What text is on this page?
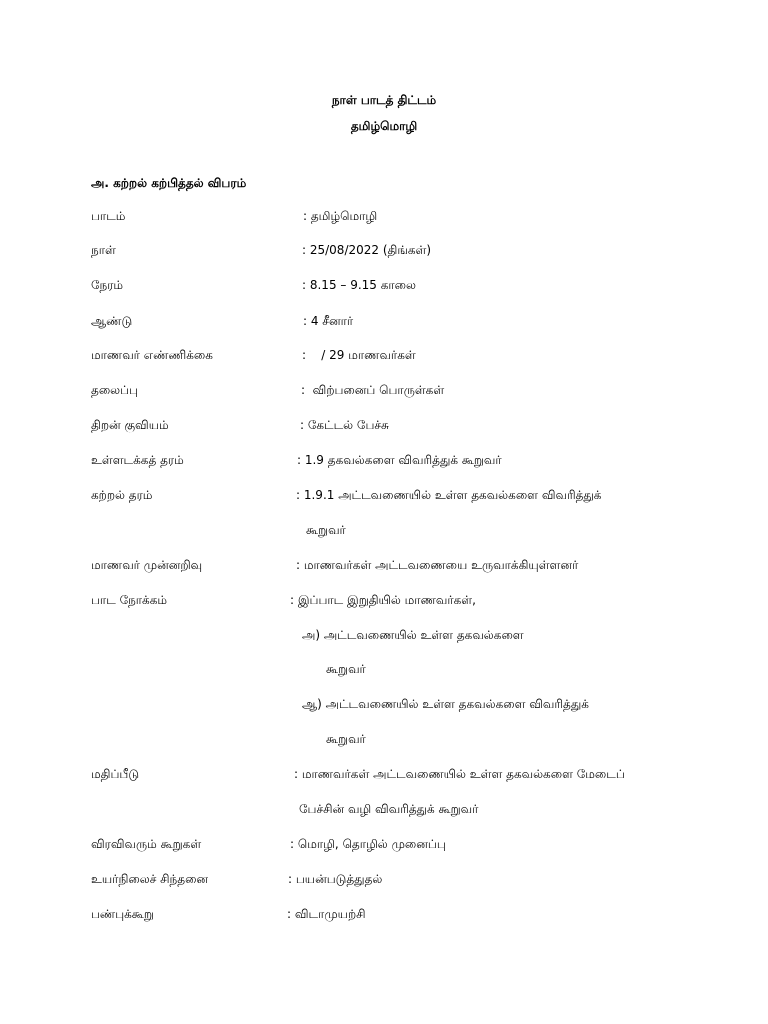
நாள் பாடத் திட்டம்
தமிழ்மொழி
அ. கற்றல் கற்பித்தல் விபரம்
பாடம்	: தமிழ்மொழி
நாள்	: 25/08/2022 (திங்கள்)
நேரம்	: 8.15 – 9.15 காலை
ஆண்டு	: 4 சீனார்
மாணவர் எண்ணிக்கை	:    / 29 மாணவர்கள்
தலைப்பு	:  விற்பனைப் பொருள்கள்
திறன் குவியம்	: கேட்டல் பேச்சு
உள்ளடக்கத் தரம்	: 1.9 தகவல்களை விவரித்துக் கூறுவர்
கற்றல் தரம்	: 1.9.1 அட்டவணையில் உள்ள தகவல்களை விவரித்துக்
கூறுவர்
மாணவர் முன்னறிவு	: மாணவர்கள் அட்டவணையை உருவாக்கியுள்ளனர்
பாட நோக்கம்	: இப்பாட இறுதியில் மாணவர்கள்,
அ) அட்டவணையில் உள்ள தகவல்களை
கூறுவர்
ஆ) அட்டவணையில் உள்ள தகவல்களை விவரித்துக்
கூறுவர்
மதிப்பீடு	: மாணவர்கள் அட்டவணையில் உள்ள தகவல்களை மேடைப்
பேச்சின் வழி விவரித்துக் கூறுவர்
விரவிவரும் கூறுகள்	: மொழி, தொழில் முனைப்பு
உயர்நிலைச் சிந்தனை	: பயன்படுத்துதல்
பண்புக்கூறு	: விடாமுயற்சி
